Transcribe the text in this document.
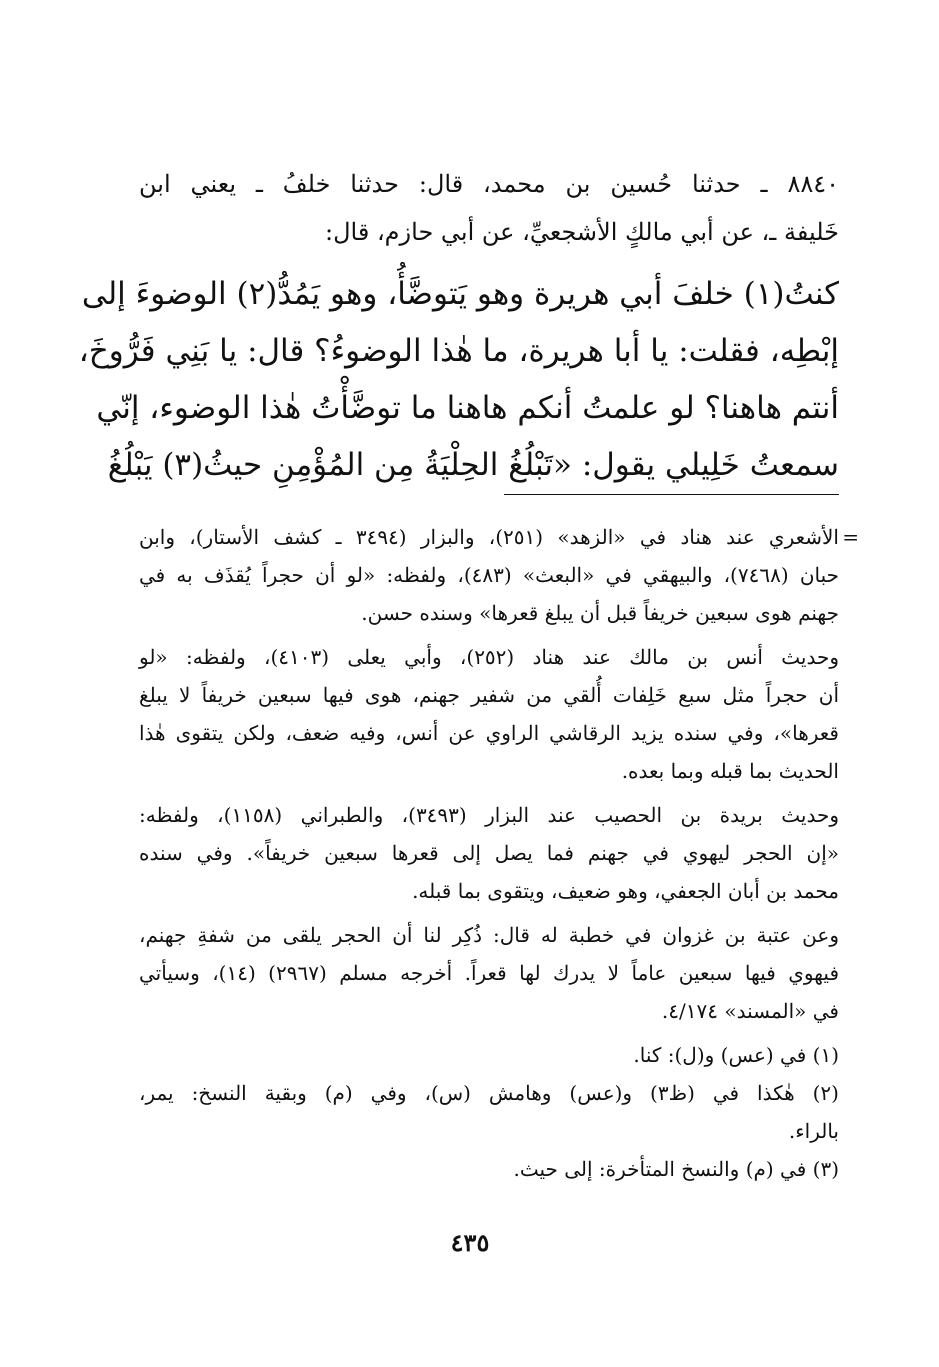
٨٨٤٠ ـ حدثنا حُسين بن محمد، قال: حدثنا خلفُ ـ يعني ابن
خَليفة ـ، عن أبي مالكٍ الأشجعيِّ، عن أبي حازم، قال:
كنتُ(١) خلفَ أبي هريرة وهو يَتوضَّأُ، وهو يَمُدُّ(٢) الوضوءَ إلى
إبْطِه، فقلت: يا أبا هريرة، ما هٰذا الوضوءُ؟ قال: يا بَنِي فَرُّوخَ،
أنتم هاهنا؟ لو علمتُ أنكم هاهنا ما توضَّأْتُ هٰذا الوضوء، إنّي
سمعتُ خَلِيلي يقول: «تَبْلُغُ الحِلْيَةُ مِن المُؤْمِنِ حيثُ(٣) يَبْلُغُ
=
الأشعري عند هناد في «الزهد» (٢٥١)، والبزار (٣٤٩٤ ـ كشف الأستار)، وابن
حبان (٧٤٦٨)، والبيهقي في «البعث» (٤٨٣)، ولفظه: «لو أن حجراً يُقذَف به في
جهنم هوى سبعين خريفاً قبل أن يبلغ قعرها» وسنده حسن.
وحديث أنس بن مالك عند هناد (٢٥٢)، وأبي يعلى (٤١٠٣)، ولفظه: «لو
أن حجراً مثل سبع خَلِفات أُلقي من شفير جهنم، هوى فيها سبعين خريفاً لا يبلغ
قعرها»، وفي سنده يزيد الرقاشي الراوي عن أنس، وفيه ضعف، ولكن يتقوى هٰذا
الحديث بما قبله وبما بعده.
وحديث بريدة بن الحصيب عند البزار (٣٤٩٣)، والطبراني (١١٥٨)، ولفظه:
«إن الحجر ليهوي في جهنم فما يصل إلى قعرها سبعين خريفاً». وفي سنده
محمد بن أبان الجعفي، وهو ضعيف، ويتقوى بما قبله.
وعن عتبة بن غزوان في خطبة له قال: ذُكِر لنا أن الحجر يلقى من شفةِ جهنم،
فيهوي فيها سبعين عاماً لا يدرك لها قعراً. أخرجه مسلم (٢٩٦٧) (١٤)، وسيأتي
في «المسند» ٤/١٧٤.
(١) في (عس) و(ل): كنا.
(٢) هٰكذا في (ظ٣) و(عس) وهامش (س)، وفي (م) وبقية النسخ: يمر،
بالراء.
(٣) في (م) والنسخ المتأخرة: إلى حيث.
٤٣٥
